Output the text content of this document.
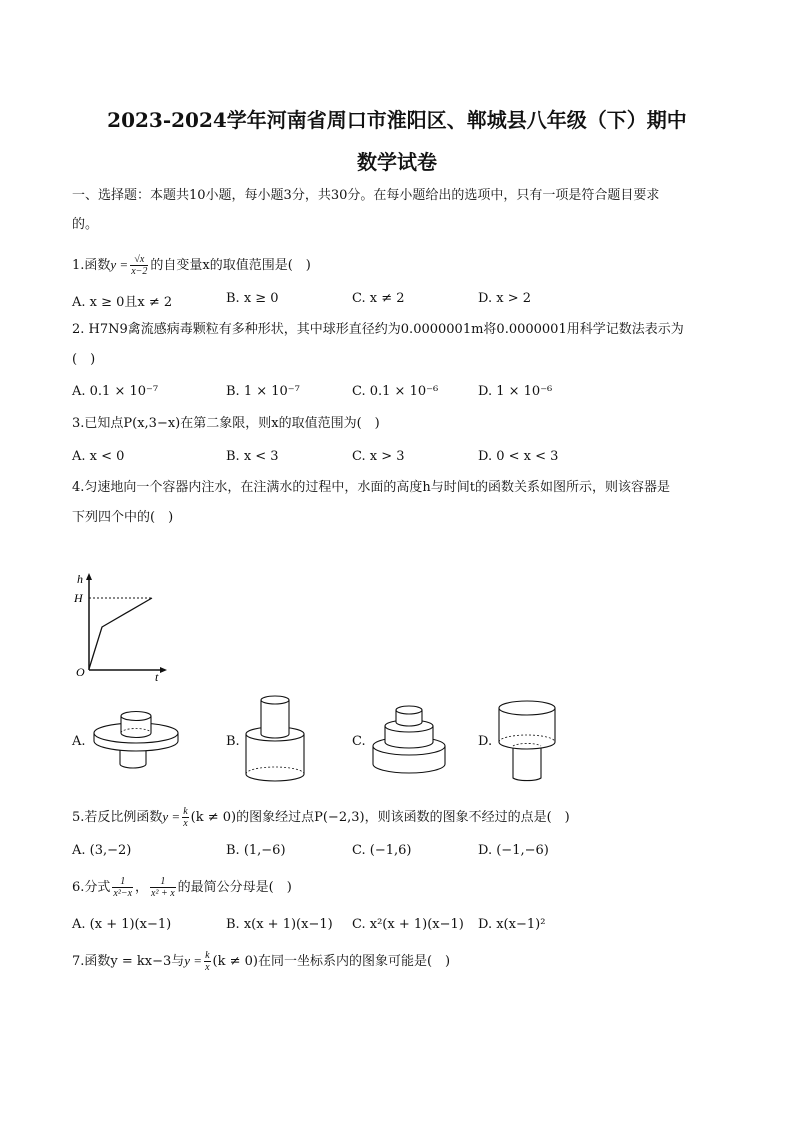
2023-2024学年河南省周口市淮阳区、郸城县八年级（下）期中
数学试卷
一、选择题：本题共10小题，每小题3分，共30分。在每小题给出的选项中，只有一项是符合题目要求
的。
1.函数$y = \frac{√x}{x-2}$ 的自变量x的取值范围是(　)
A. x ≥ 0且x ≠ 2	B. x ≥ 0	C. x ≠ 2	D. x > 2
2. H7N9禽流感病毒颗粒有多种形状，其中球形直径约为0.0000001m将0.0000001用科学记数法表示为
(　)
A. 0.1 × 10⁻⁷	B. 1 × 10⁻⁷	C. 0.1 × 10⁻⁶	D. 1 × 10⁻⁶
3.已知点P(x,3−x)在第二象限，则x的取值范围为(　)
A. x < 0	B. x < 3	C. x > 3	D. 0 < x < 3
4.匀速地向一个容器内注水，在注满水的过程中，水面的高度h与时间t的函数关系如图所示，则该容器是
下列四个中的(　)
h
H
O	t
A.	B.	C.	D.
5.若反比例函数$y = \frac{k}{x} (k \ne 0)$的图象经过点P(−2,3)，则该函数的图象不经过的点是(　)
A. (3,−2)	B. (1,−6)	C. (−1,6)	D. (−1,−6)
6.分式 $\frac{1}{\text{x²−x}}$ ， $\frac{1}{\text{x² + x}}$ 的最简公分母是(　)
A. (x + 1)(x−1)	B. x(x + 1)(x−1) C. x²(x + 1)(x−1) D. x(x−1)²
7.函数y = kx−3与$y = \frac{k}{x} (k \ne 0)$在同一坐标系内的图象可能是(　)
